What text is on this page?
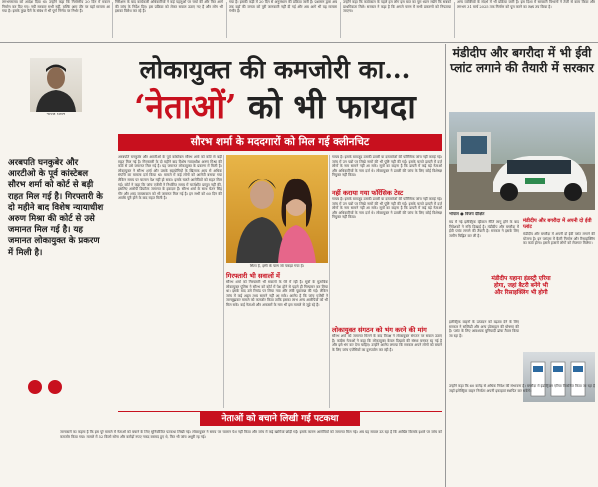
लगभगसमय को आदेश दिया था। उन्होंने कहा कि निर्माणीय 20 दिन में मकान निर्माण कर दिए गए। नयी सरकार सभी नहीं, बल्कि आम तौर पर यहाँ मामला आ गया है। इसके कुछ पैरों के संबंध में भी पूर्ण निर्णय पर निर्भर हैं।
निरीक्षण के बाद कार्यकारी अधिकारियों ने कई पहलुओं पर चर्चा की और फिर आगे की जांच के निर्देश दिए। इस प्रक्रिया को लेकर सवाल उठाए गए हैं और लोग भी इसका विरोध कर रहे हैं।
गया है। इसकी कड़ी में 20 दिन से अनुसंधान की प्रक्रिया जारी है। प्रशासन द्वारा अब तक यहाँ की जनता को पूरी जानकारी नहीं दी गई और अब आगे भी यह मामला गंभीर है।
उन्होंने कहा कि कार्यकाल के पहले हम लोग इस बात का पूरा ध्यान रखेंगे कि सबको प्राथमिकता मिले। सरकार ने कहा है कि अगले चरण में सभी प्रकरणों को निपटाया जाएगा।
अन्य व्यक्तियों के संदर्भ में भी प्रक्रिया जारी है। इस दिशा में सरकारी विभागों ने तेजी से काम किया और लगभग 31 मार्च 2025 तक निर्माण को पूरा करने का लक्ष्य तय किया है।
नीरज रोशन
अरबपति घनकुबेर और आरटीओ के पूर्व कांस्टेबल सौरभ शर्मा को कोर्ट से बड़ी राहत मिल गई है। गिरफ्तारी के दो महीने बाद विशेष न्यायाधीश अरुण मिश्रा की कोर्ट से उसे जमानत मिल गई है। यह जमानत लोकायुक्त के प्रकरण में मिली है।
लोकायुक्त की कमजोरी का...
‘नेताओं’ को भी फायदा
सौरभ शर्मा के मददगारों को मिल गई क्लीनचिट
अरबपति घनकुबेर और आरटीओ के पूर्व कांस्टेबल सौरभ शर्मा को कोर्ट से बड़ी राहत मिल गई है। गिरफ्तारी के दो महीने बाद विशेष न्यायाधीश अरुण मिश्रा की कोर्ट से उसे जमानत मिल गई है। यह जमानत लोकायुक्त के प्रकरण में मिली है। लोकायुक्त ने सौरभ शर्मा और उसके सहयोगियों के खिलाफ आय से अधिक संपत्ति का मामला दर्ज किया था। मामले में कई लोगों को आरोपी बनाया गया लेकिन समय पर चालान पेश नहीं हो सका। इसके चलते आरोपियों को राहत मिल गई। कोर्ट ने कहा कि जांच एजेंसी ने निर्धारित समय में चार्जशीट प्रस्तुत नहीं की, इसलिए आरोपी डिफॉल्ट जमानत के हकदार हैं। सौरभ शर्मा के साथ चेतन सिंह गौर और शरद जायसवाल को भी जमानत मिल गई है। इन सभी को 60 दिन की अवधि पूरी होने के बाद राहत मिली है।
सिता है, इसी के पास जो पकड़ा गया है।
गिरफ्तारी भी सवालों में
सौरभ शर्मा को गिरफ्तारी भी सवालों के घेरे में रही है। सूत्रों के मुताबिक लोकायुक्त पुलिस ने सौरभ को कोर्ट में पेश होने से पहले ही गिरफ्तार कर लिया था। इसके बाद उसे रिमांड पर लिया गया और लंबी पूछताछ की गई। लेकिन जांच में कई अहम तथ्य सामने नहीं आ सके। आरोप है कि जांच एजेंसी ने जानबूझकर मामले को कमजोर किया ताकि इसका लाभ अन्य आरोपियों को भी मिल सके। कई नेताओं और अफसरों के नाम भी इस मामले से जुड़े रहे हैं।
गायब है। इसके बावजूद उसकी डायरी या दस्तावेजों की फॉरेंसिक जांच नहीं कराई गई। जांच में उन पन्नों पर लिखे नामों की भी पुष्टि नहीं की गई। इसके चलते डायरी में दर्ज लोगों के नाम सामने नहीं आ सके। सूत्रों का कहना है कि डायरी में कई बड़े नेताओं और अधिकारियों के नाम दर्ज थे। लोकायुक्त ने डायरी की जांच के लिए कोई विशेषज्ञ नियुक्त नहीं किया।
नहीं कराया गया फॉरेंसिक टेस्ट
गायब है। इसके बावजूद उसकी डायरी या दस्तावेजों की फॉरेंसिक जांच नहीं कराई गई। जांच में उन पन्नों पर लिखे नामों की भी पुष्टि नहीं की गई। इसके चलते डायरी में दर्ज लोगों के नाम सामने नहीं आ सके। सूत्रों का कहना है कि डायरी में कई बड़े नेताओं और अधिकारियों के नाम दर्ज थे। लोकायुक्त ने डायरी की जांच के लिए कोई विशेषज्ञ नियुक्त नहीं किया।
लोकायुक्त संगठन को भंग करने की मांग
सौरभ शर्मा को जमानत मिलने के बाद विपक्ष ने लोकायुक्त संगठन पर सवाल उठाए हैं। कांग्रेस नेताओं ने कहा कि लोकायुक्त केवल दिखावे की संस्था बनकर रह गई है और इसे भंग कर देना चाहिए। उन्होंने आरोप लगाया कि सरकार अपने लोगों को बचाने के लिए जांच एजेंसियों का दुरुपयोग कर रही है।
नेताओं को बचाने लिखी गई पटकथा
जानकारों का कहना है कि इस पूरे मामले में नेताओं को बचाने के लिए सुनियोजित पटकथा लिखी गई। लोकायुक्त ने समय पर चालान पेश नहीं किया और जांच में कई खामियां छोड़ी गईं। इसके कारण आरोपियों को जमानत मिल गई। अब यह सवाल उठ रहा है कि आखिर किसके इशारे पर जांच को कमजोर किया गया। मामले में 52 किलो सोना और करोड़ों रुपए नकद बरामद हुए थे, फिर भी जांच अधूरी रह गई।
मंडीदीप और बगरौदा में भी ईवी प्लांट लगाने की तैयारी में सरकार
भोपाल ● विजय दीक्षित
मप्र में नई इलेक्ट्रिक व्हीकल नीति लागू होने के बाद निवेशकों ने रुचि दिखाई है। मंडीदीप और बगरौदा में ईवी प्लांट लगाने की तैयारी है। सरकार ने इसके लिए जमीन चिह्नित कर ली है।
मंडीदीप और बगरौदा में अपनी दो ईवी प्लांट
मंडीदीप और बगरौदा में अपनी दो ईवी प्लांट लगाने की योजना है। इन प्लांट्स में बैटरी निर्माण और रिसाइक्लिंग का कार्य होगा। इससे हजारों लोगों को रोजगार मिलेगा।
मंडीदीप यहाना इंडस्ट्री एरिया होगा, जहां बैटरी बनेंगे भी और रिसाइक्लिंग भी होगी
इलेक्ट्रिक वाहनों के उत्पादन को बढ़ावा देने के लिए सरकार ने सब्सिडी और अन्य प्रोत्साहन की घोषणा की है। प्लांट के लिए आवश्यक बुनियादी ढांचा तैयार किया जा रहा है।
उन्होंने कहा कि 60 करोड़ से अधिक निवेश की संभावना है। बगरौदा में इंडस्ट्रियल एरिया विकसित किया जा रहा है जहाँ इलेक्ट्रिक वाहन निर्माता अपनी इकाइयां स्थापित कर सकेंगे।
